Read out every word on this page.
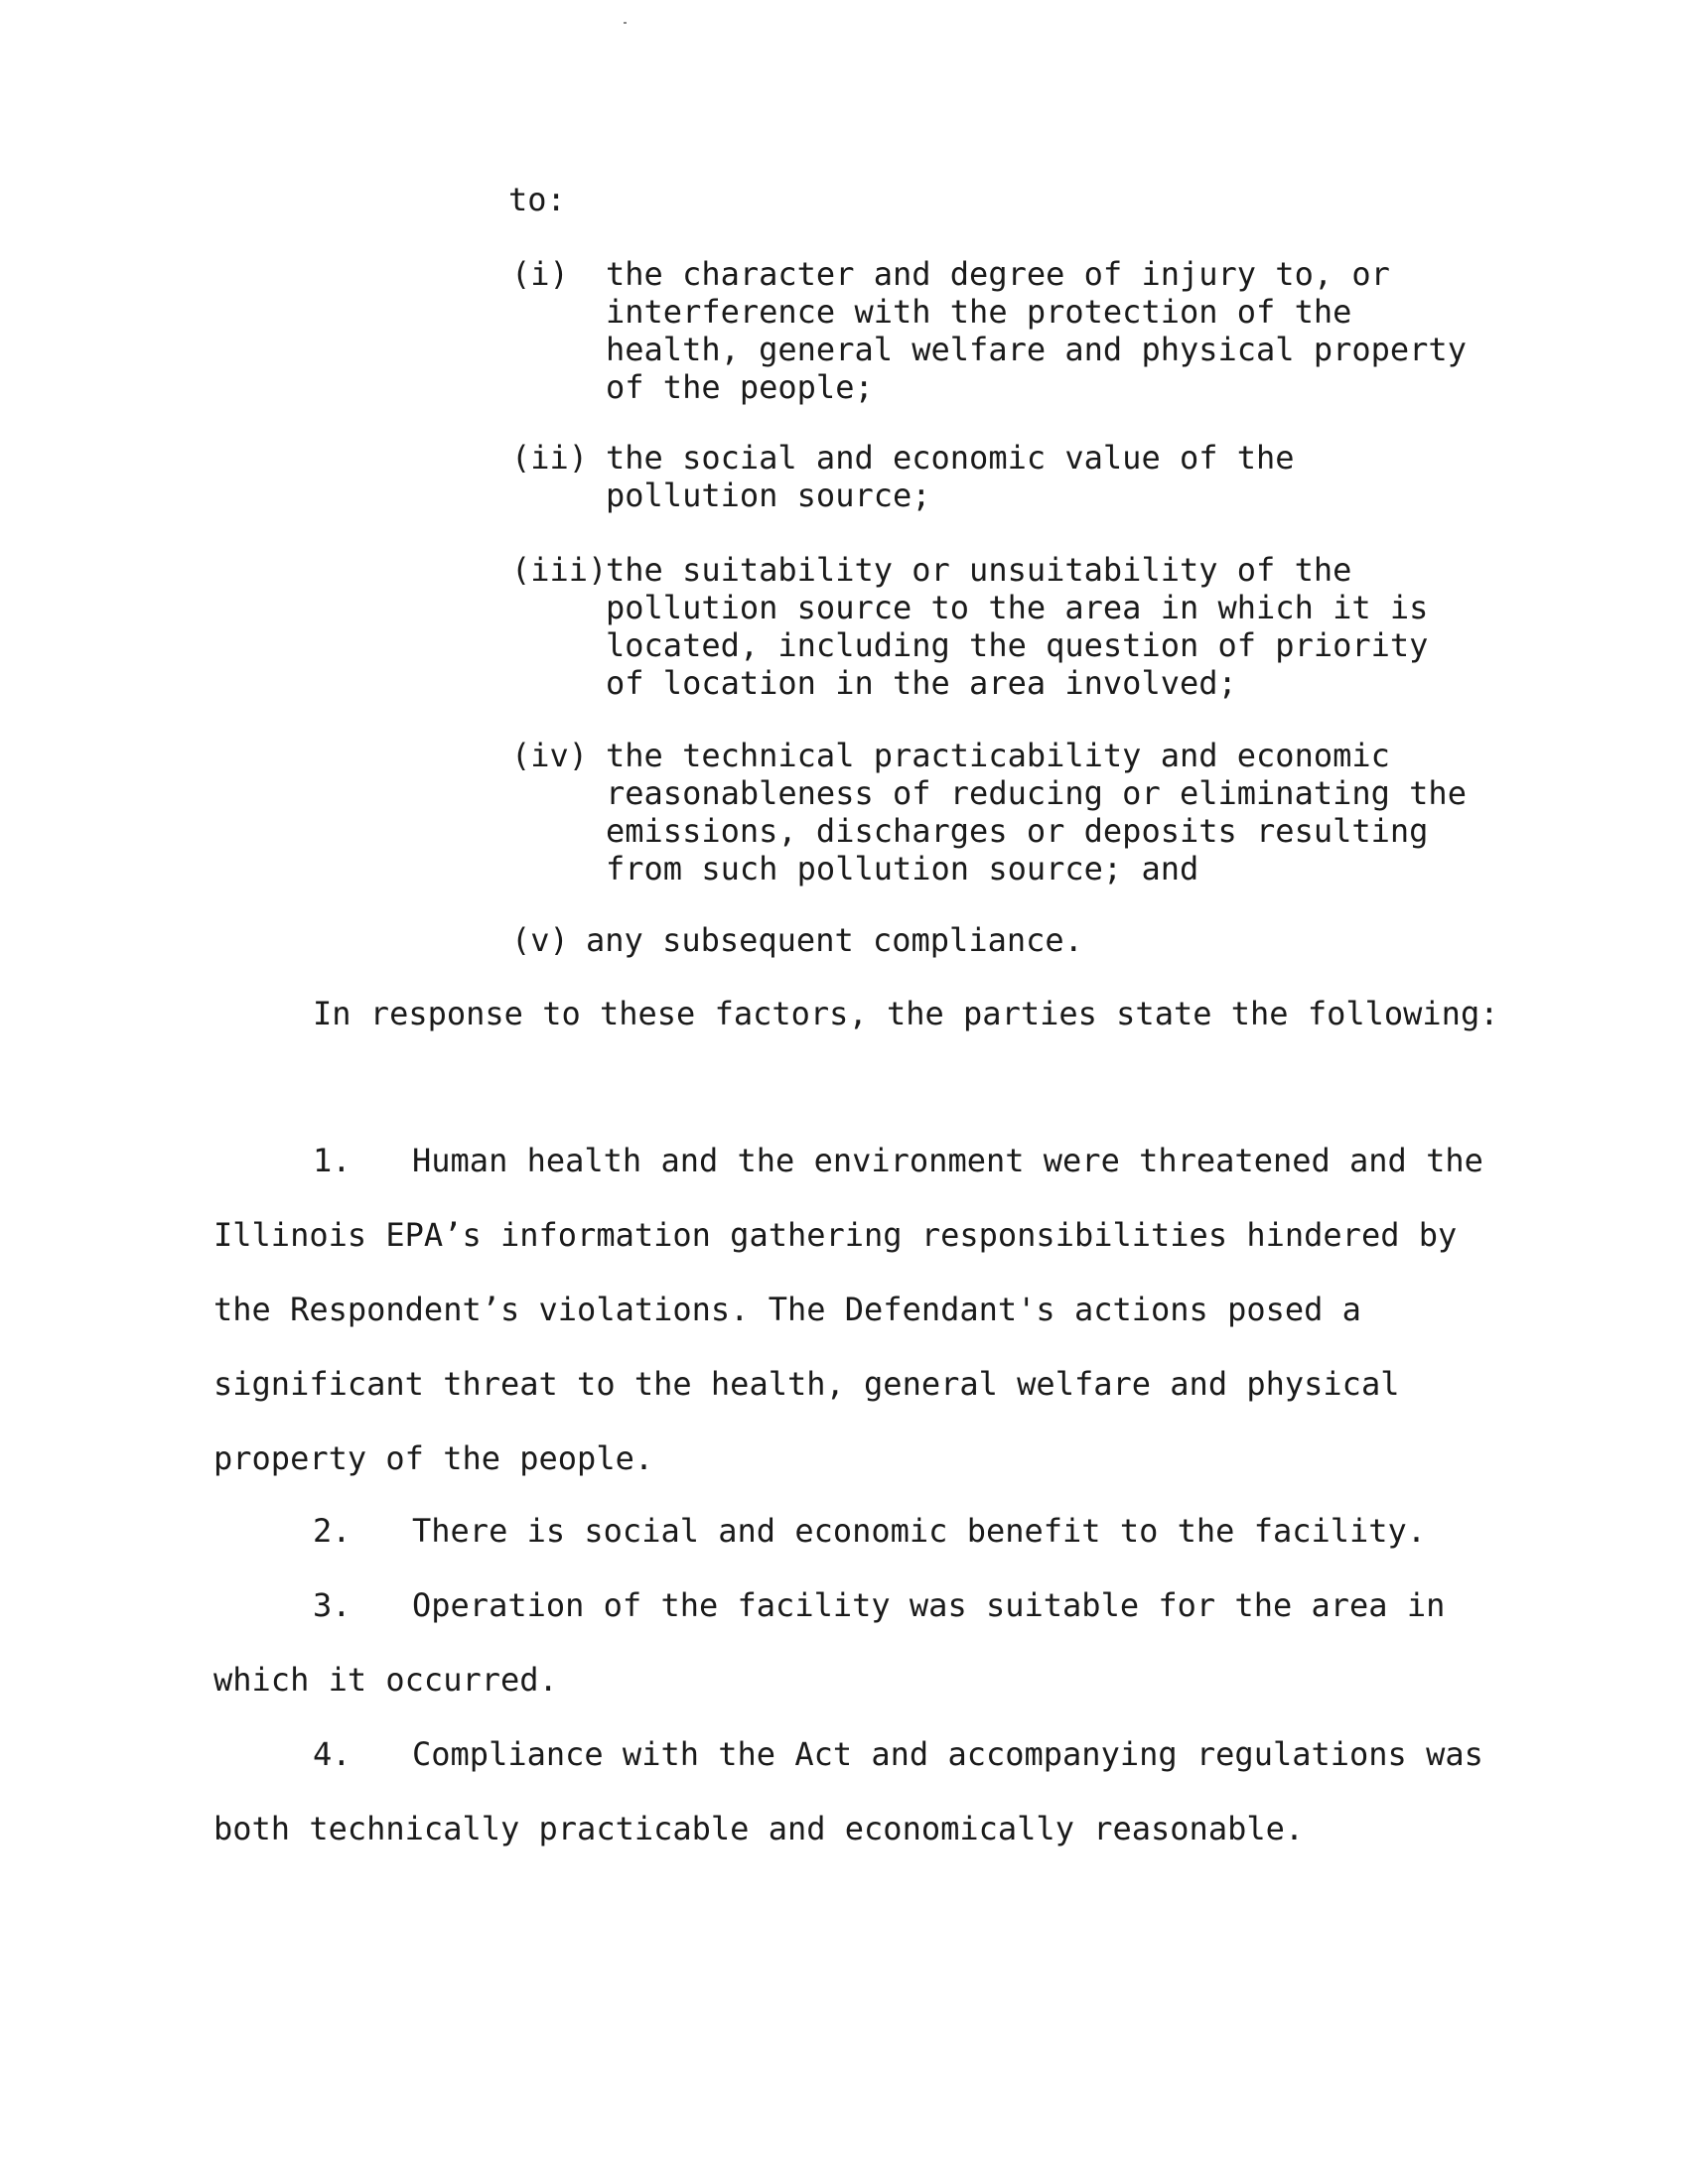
to:
(i) the character and degree of injury to, or interference with the protection of the health, general welfare and physical property of the people;
(ii) the social and economic value of the pollution source;
(iii)
the suitability or unsuitability of the pollution source to the area in which it is located, including the question of priority of location in the area involved;
(iv) the technical practicability and economic reasonableness of reducing or eliminating the emissions, discharges or deposits resulting from such pollution source; and
(v) any subsequent compliance.
In response to these factors, the parties state the following:
1. Human health and the environment were threatened and the Illinois EPA’s information gathering responsibilities hindered by the Respondent’s violations. The Defendant's actions posed a significant threat to the health, general welfare and physical property of the people.
2. There is social and economic benefit to the facility.
3. Operation of the facility was suitable for the area in which it occurred.
4. Compliance with the Act and accompanying regulations was both technically practicable and economically reasonable.
